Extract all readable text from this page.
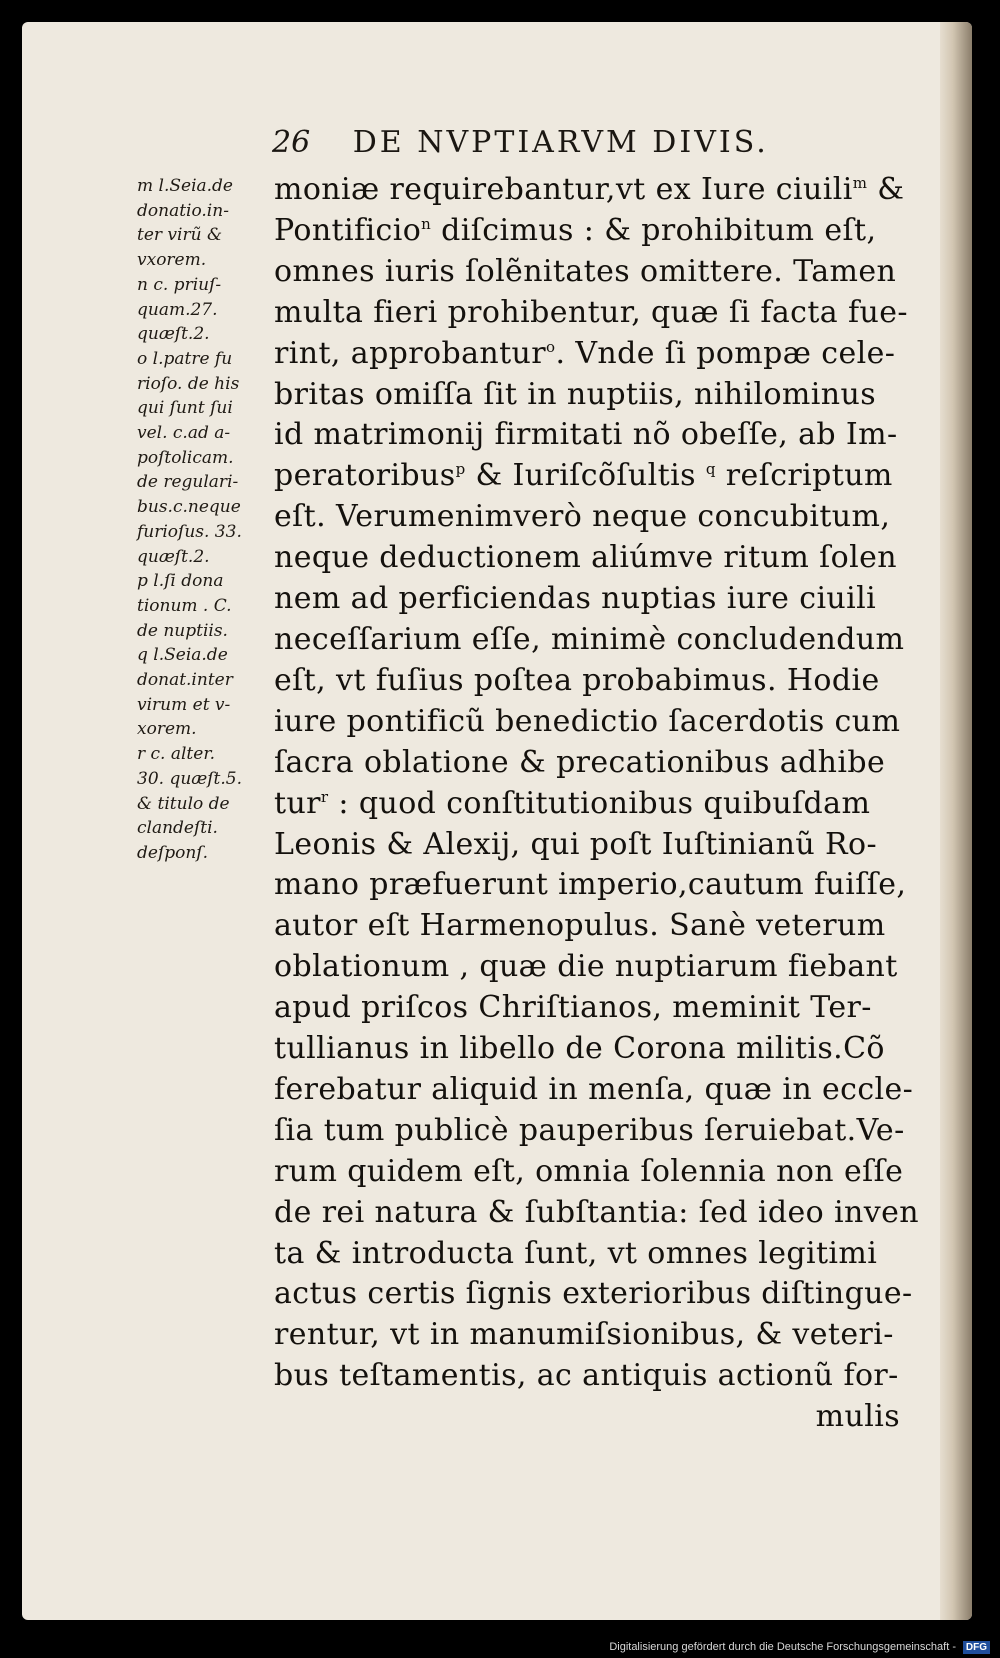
26 DE NVPTIARVM DIVIS.
m l.Seia.de
donatio.in-
ter virũ &
vxorem.
n c. priuſ-
quam.27.
quæſt.2.
o l.patre fu
rioſo. de his
qui ſunt ſui
vel. c.ad a-
poſtolicam.
de regulari-
bus.c.neque
furioſus. 33.
quæſt.2.
p l.ſi dona
tionum . C.
de nuptiis.
q l.Seia.de
donat.inter
virum et v-
xorem.
r c. alter.
30. quæſt.5.
& titulo de
clandeſti.
deſponſ.
moniæ requirebantur,vt ex Iure ciuili$^m$ &
Pontificio$^n$ diſcimus : & prohibitum eſt,
omnes iuris ſolẽnitates omittere. Tamen
multa fieri prohibentur, quæ ſi facta fue-
rint, approbantur$^o$. Vnde ſi pompæ cele-
britas omiſſa ſit in nuptiis, nihilominus
id matrimonij firmitati nõ obeſſe, ab Im-
peratoribus$^p$ & Iuriſcõſultis $^q$ reſcriptum
eſt. Verumenimverò neque concubitum,
neque deductionem aliúmve ritum ſolen
nem ad perficiendas nuptias iure ciuili
neceſſarium eſſe, minimè concludendum
eſt, vt fuſius poſtea probabimus. Hodie
iure pontificũ benedictio ſacerdotis cum
ſacra oblatione & precationibus adhibe
tur$^r$ : quod conſtitutionibus quibuſdam
Leonis & Alexij, qui poſt Iuſtinianũ Ro-
mano præfuerunt imperio,cautum fuiſſe,
autor eſt Harmenopulus. Sanè veterum
oblationum , quæ die nuptiarum fiebant
apud priſcos Chriſtianos, meminit Ter-
tullianus in libello de Corona militis.Cõ
ferebatur aliquid in menſa, quæ in eccle-
ſia tum publicè pauperibus ſeruiebat.Ve-
rum quidem eſt, omnia ſolennia non eſſe
de rei natura & ſubſtantia: ſed ideo inven
ta & introducta ſunt, vt omnes legitimi
actus certis ſignis exterioribus diſtingue-
rentur, vt in manumiſsionibus, & veteri-
bus teſtamentis, ac antiquis actionũ for-
mulis
Digitalisierung gefördert durch die Deutsche Forschungsgemeinschaft - DFG
